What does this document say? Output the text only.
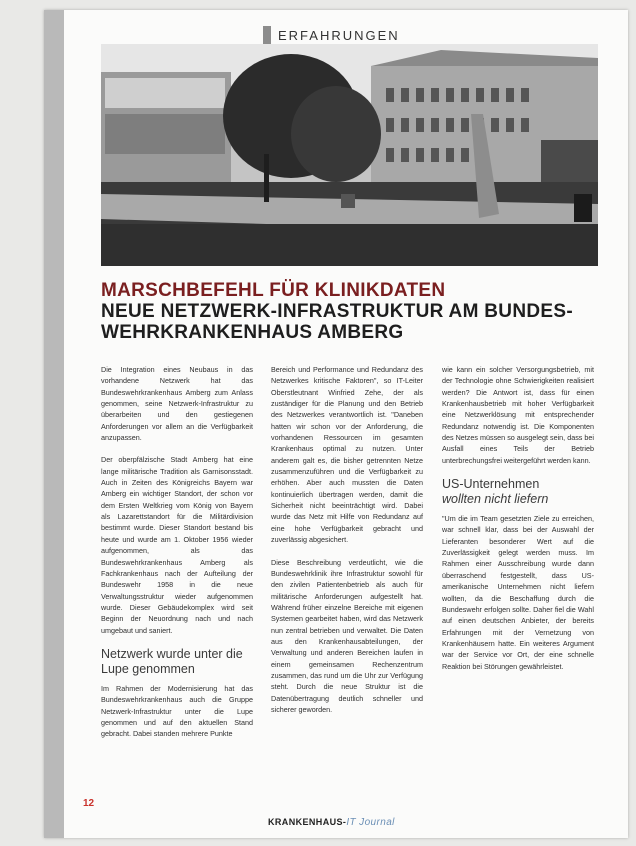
ERFAHRUNGEN
MARSCHBEFEHL FÜR KLINIKDATEN
NEUE NETZWERK-INFRASTRUKTUR AM BUNDES-
WEHRKRANKENHAUS AMBERG

Die Integration eines Neubaus in das vorhandene Netzwerk hat das Bundeswehrkrankenhaus Amberg zum Anlass genommen, seine Netzwerk-Infrastruktur zu überarbeiten und den gestiegenen Anforderungen vor allem an die Verfügbarkeit anzupassen.

Der oberpfälzische Stadt Amberg hat eine lange militärische Tradition als Garnisonsstadt. Auch in Zeiten des Königreichs Bayern war Amberg ein wichtiger Standort, der schon vor dem Ersten Weltkrieg vom König von Bayern als Lazarettstandort für die Militärdivision bestimmt wurde. Dieser Standort bestand bis heute und wurde am 1. Oktober 1956 wieder aufgenommen, als das Bundeswehrkrankenhaus Amberg als Fachkrankenhaus nach der Aufteilung der Bundeswehr 1958 in die neue Verwaltungsstruktur wieder aufgenommen wurde. Dieser Gebäudekomplex wird seit Beginn der Neuordnung nach und nach umgebaut und saniert.

Netzwerk wurde unter die Lupe genommen

Im Rahmen der Modernisierung hat das Bundeswehrkrankenhaus auch die Gruppe Netzwerk-Infrastruktur unter die Lupe genommen und auf den aktuellen Stand gebracht. Dabei standen mehrere Punkte

Bereich und Performance und Redundanz des Netzwerkes kritische Faktoren", so IT-Leiter Oberstleutnant Winfried Zehe, der als zuständiger für die Planung und den Betrieb des Netzwerkes verantwortlich ist. "Daneben hatten wir schon vor der Anforderung, die vorhandenen Ressourcen im gesamten Krankenhaus optimal zu nutzen. Unter anderem galt es, die bisher getrennten Netze zusammenzuführen und die Verfügbarkeit zu erhöhen. Aber auch mussten die Daten kontinuierlich übertragen werden, damit die Sicherheit nicht beeinträchtigt wird. Dabei wurde das Netz mit Hilfe von Redundanz auf eine hohe Verfügbarkeit gebracht und zuverlässig abgesichert.

Diese Beschreibung verdeutlicht, wie die Bundeswehrklinik ihre Infrastruktur sowohl für den zivilen Patientenbetrieb als auch für militärische Anforderungen aufgestellt hat. Während früher einzelne Bereiche mit eigenen Systemen gearbeitet haben, wird das Netzwerk nun zentral betrieben und verwaltet. Die Daten aus den Krankenhausabteilungen, der Verwaltung und anderen Bereichen laufen in einem gemeinsamen Rechenzentrum zusammen, das rund um die Uhr zur Verfügung steht. Durch die neue Struktur ist die Datenübertragung deutlich schneller und sicherer geworden.

wie kann ein solcher Versorgungsbetrieb, mit der Technologie ohne Schwierigkeiten realisiert werden? Die Antwort ist, dass für einen Krankenhausbetrieb mit hoher Verfügbarkeit eine Netzwerklösung mit entsprechender Redundanz notwendig ist. Die Komponenten des Netzes müssen so ausgelegt sein, dass bei Ausfall eines Teils der Betrieb unterbrechungsfrei weitergeführt werden kann.

US-Unternehmen
wollten nicht liefern

"Um die im Team gesetzten Ziele zu erreichen, war schnell klar, dass bei der Auswahl der Lieferanten besonderer Wert auf die Zuverlässigkeit gelegt werden muss. Im Rahmen einer Ausschreibung wurde dann überraschend festgestellt, dass US-amerikanische Unternehmen nicht liefern wollten, da die Beschaffung durch die Bundeswehr erfolgen sollte. Daher fiel die Wahl auf einen deutschen Anbieter, der bereits Erfahrungen mit der Vernetzung von Krankenhäusern hatte. Ein weiteres Argument war der Service vor Ort, der eine schnelle Reaktion bei Störungen gewährleistet.

12
KRANKENHAUS-IT Journal
